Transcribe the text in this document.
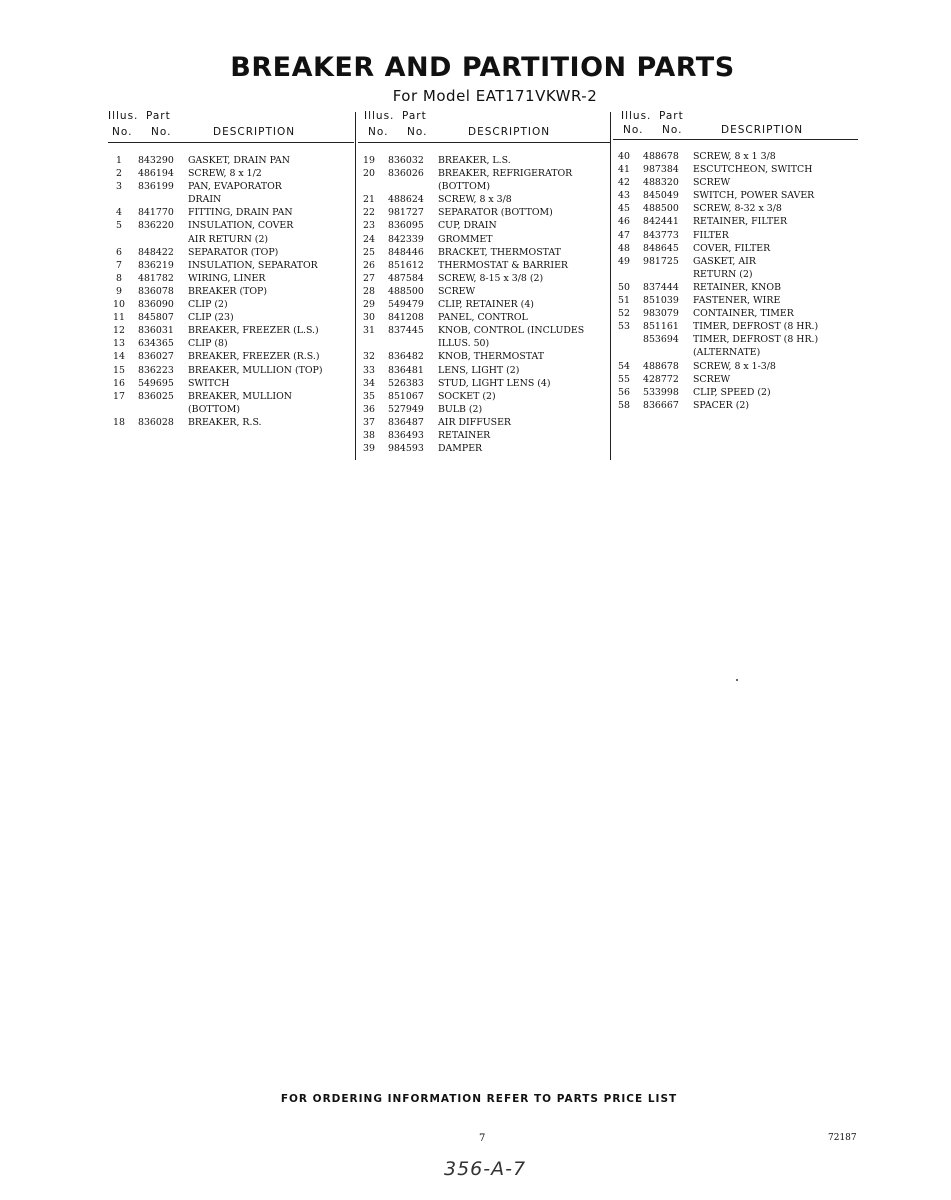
BREAKER AND PARTITION PARTS
For Model EAT171VKWR-2
Illus. Part
No. No.	DESCRIPTION
1	843290 GASKET, DRAIN PAN
2	486194 SCREW, 8 x 1/2
3	836199 PAN, EVAPORATOR
DRAIN
4	841770 FITTING, DRAIN PAN
5	836220 INSULATION, COVER
AIR RETURN (2)
6	848422 SEPARATOR (TOP)
7	836219 INSULATION, SEPARATOR
8	481782 WIRING, LINER
9	836078 BREAKER (TOP)
10	836090 CLIP (2)
11	845807 CLIP (23)
12	836031 BREAKER, FREEZER (L.S.)
13	634365 CLIP (8)
14	836027 BREAKER, FREEZER (R.S.)
15	836223 BREAKER, MULLION (TOP)
16	549695 SWITCH
17	836025 BREAKER, MULLION
(BOTTOM)
18	836028 BREAKER, R.S.
Illus. Part
No. No.	DESCRIPTION
19	836032 BREAKER, L.S.
20	836026 BREAKER, REFRIGERATOR
(BOTTOM)
21	488624 SCREW, 8 x 3/8
22	981727 SEPARATOR (BOTTOM)
23	836095 CUP, DRAIN
24	842339 GROMMET
25	848446 BRACKET, THERMOSTAT
26	851612 THERMOSTAT & BARRIER
27	487584 SCREW, 8-15 x 3/8 (2)
28	488500 SCREW
29	549479 CLIP, RETAINER (4)
30	841208 PANEL, CONTROL
31	837445 KNOB, CONTROL (INCLUDES
ILLUS. 50)
32	836482 KNOB, THERMOSTAT
33	836481 LENS, LIGHT (2)
34	526383 STUD, LIGHT LENS (4)
35	851067 SOCKET (2)
36	527949 BULB (2)
37	836487 AIR DIFFUSER
38	836493 RETAINER
39	984593 DAMPER
Illus. Part
No. No.	DESCRIPTION
40	488678 SCREW, 8 x 1 3/8
41	987384 ESCUTCHEON, SWITCH
42	488320 SCREW
43	845049 SWITCH, POWER SAVER
45	488500 SCREW, 8-32 x 3/8
46	842441 RETAINER, FILTER
47	843773 FILTER
48	848645 COVER, FILTER
49	981725 GASKET, AIR
RETURN (2)
50	837444 RETAINER, KNOB
51	851039 FASTENER, WIRE
52	983079 CONTAINER, TIMER
53	851161 TIMER, DEFROST (8 HR.)
853694 TIMER, DEFROST (8 HR.)
(ALTERNATE)
54	488678 SCREW, 8 x 1-3/8
55	428772 SCREW
56	533998 CLIP, SPEED (2)
58	836667 SPACER (2)
FOR ORDERING INFORMATION REFER TO PARTS PRICE LIST
7	72187
356-A-7
